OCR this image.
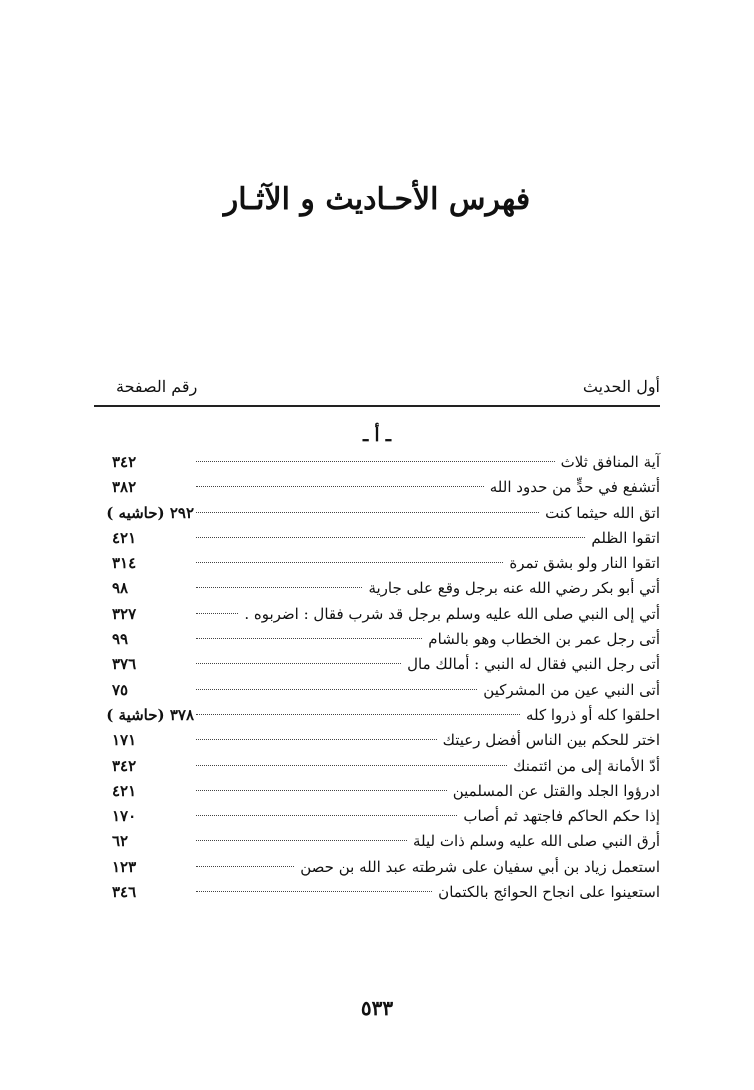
فهرس الأحـاديث و الآثـار
أول الحديث
رقم الصفحة
ـ أ ـ
آية المنافق ثلاث
٣٤٢
أتشفع في حدٍّ من حدود الله
٣٨٢
اتق الله حيثما كنت
٢٩٢ (حاشيه )
اتقوا الظلم
٤٢١
اتقوا النار ولو بشق تمرة
٣١٤
أتي أبو بكر رضي الله عنه برجل وقع على جارية
٩٨
أتي إلى النبي صلى الله عليه وسلم برجل قد شرب فقال : اضربوه .
٣٢٧
أتى رجل عمر بن الخطاب وهو بالشام
٩٩
أتى رجل النبي فقال له النبي : أمالك مال
٣٧٦
أتى النبي عين من المشركين
٧٥
احلقوا كله أو ذروا كله
٣٧٨ (حاشية )
اختر للحكم بين الناس أفضل رعيتك
١٧١
أدّ الأمانة إلى من ائتمنك
٣٤٢
ادرؤوا الجلد والقتل عن المسلمين
٤٢١
إذا حكم الحاكم فاجتهد ثم أصاب
١٧٠
أرق النبي صلى الله عليه وسلم ذات ليلة
٦٢
استعمل زياد بن أبي سفيان على شرطته عبد الله بن حصن
١٢٣
استعينوا على انجاح الحوائج بالكتمان
٣٤٦
٥٣٣
